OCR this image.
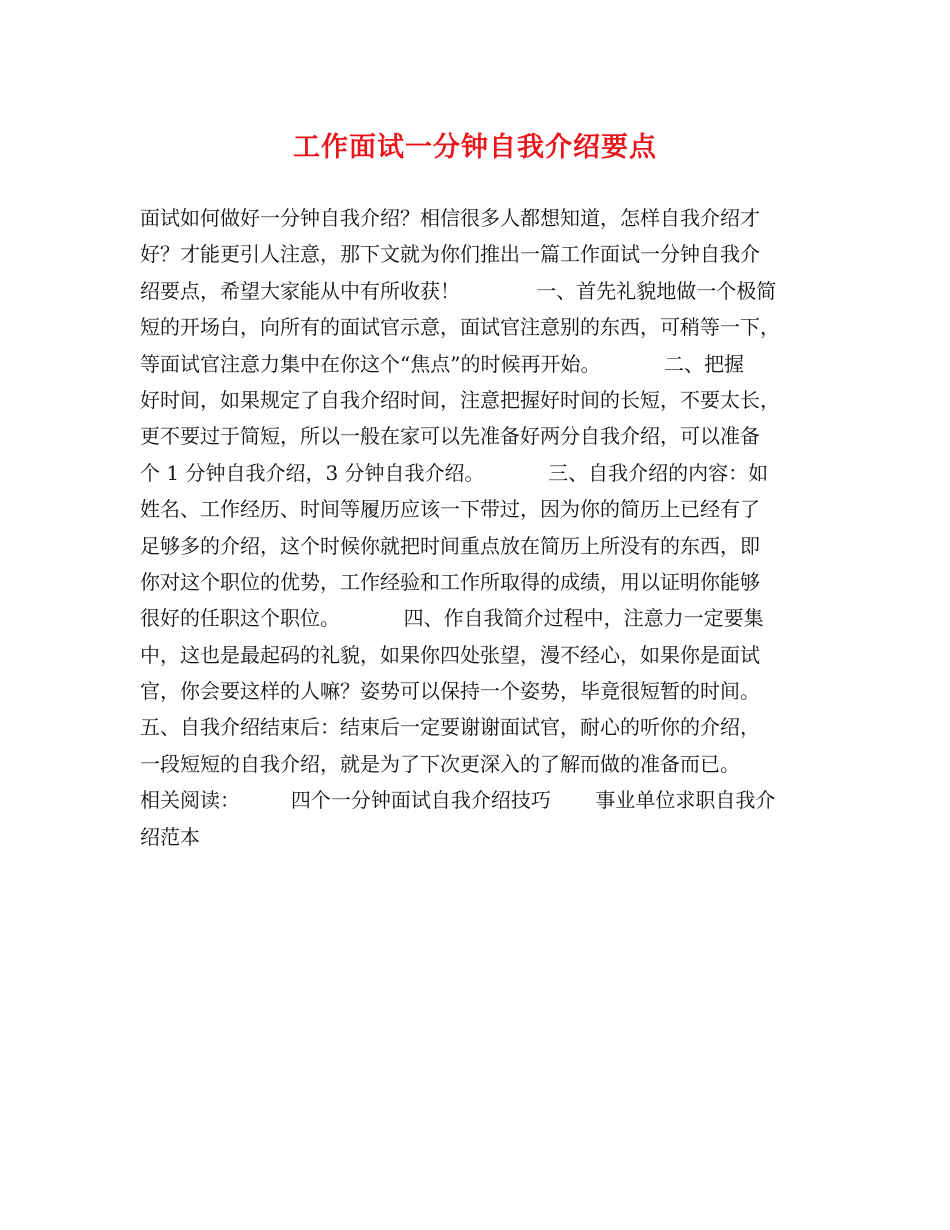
工作面试一分钟自我介绍要点
面试如何做好一分钟自我介绍？相信很多人都想知道，怎样自我介绍才
好？才能更引人注意，那下文就为你们推出一篇工作面试一分钟自我介
绍要点，希望大家能从中有所收获！            一、首先礼貌地做一个极简
短的开场白，向所有的面试官示意，面试官注意别的东西，可稍等一下，
等面试官注意力集中在你这个“焦点”的时候再开始。          二、把握
好时间，如果规定了自我介绍时间，注意把握好时间的长短，不要太长，
更不要过于简短，所以一般在家可以先准备好两分自我介绍，可以准备
个 1 分钟自我介绍，3 分钟自我介绍。          三、自我介绍的内容：如
姓名、工作经历、时间等履历应该一下带过，因为你的简历上已经有了
足够多的介绍，这个时候你就把时间重点放在简历上所没有的东西，即
你对这个职位的优势，工作经验和工作所取得的成绩，用以证明你能够
很好的任职这个职位。          四、作自我简介过程中，注意力一定要集
中，这也是最起码的礼貌，如果你四处张望，漫不经心，如果你是面试
官，你会要这样的人嘛？姿势可以保持一个姿势，毕竟很短暂的时间。
五、自我介绍结束后：结束后一定要谢谢面试官，耐心的听你的介绍，
一段短短的自我介绍，就是为了下次更深入的了解而做的准备而已。
相关阅读：        四个一分钟面试自我介绍技巧       事业单位求职自我介
绍范本
